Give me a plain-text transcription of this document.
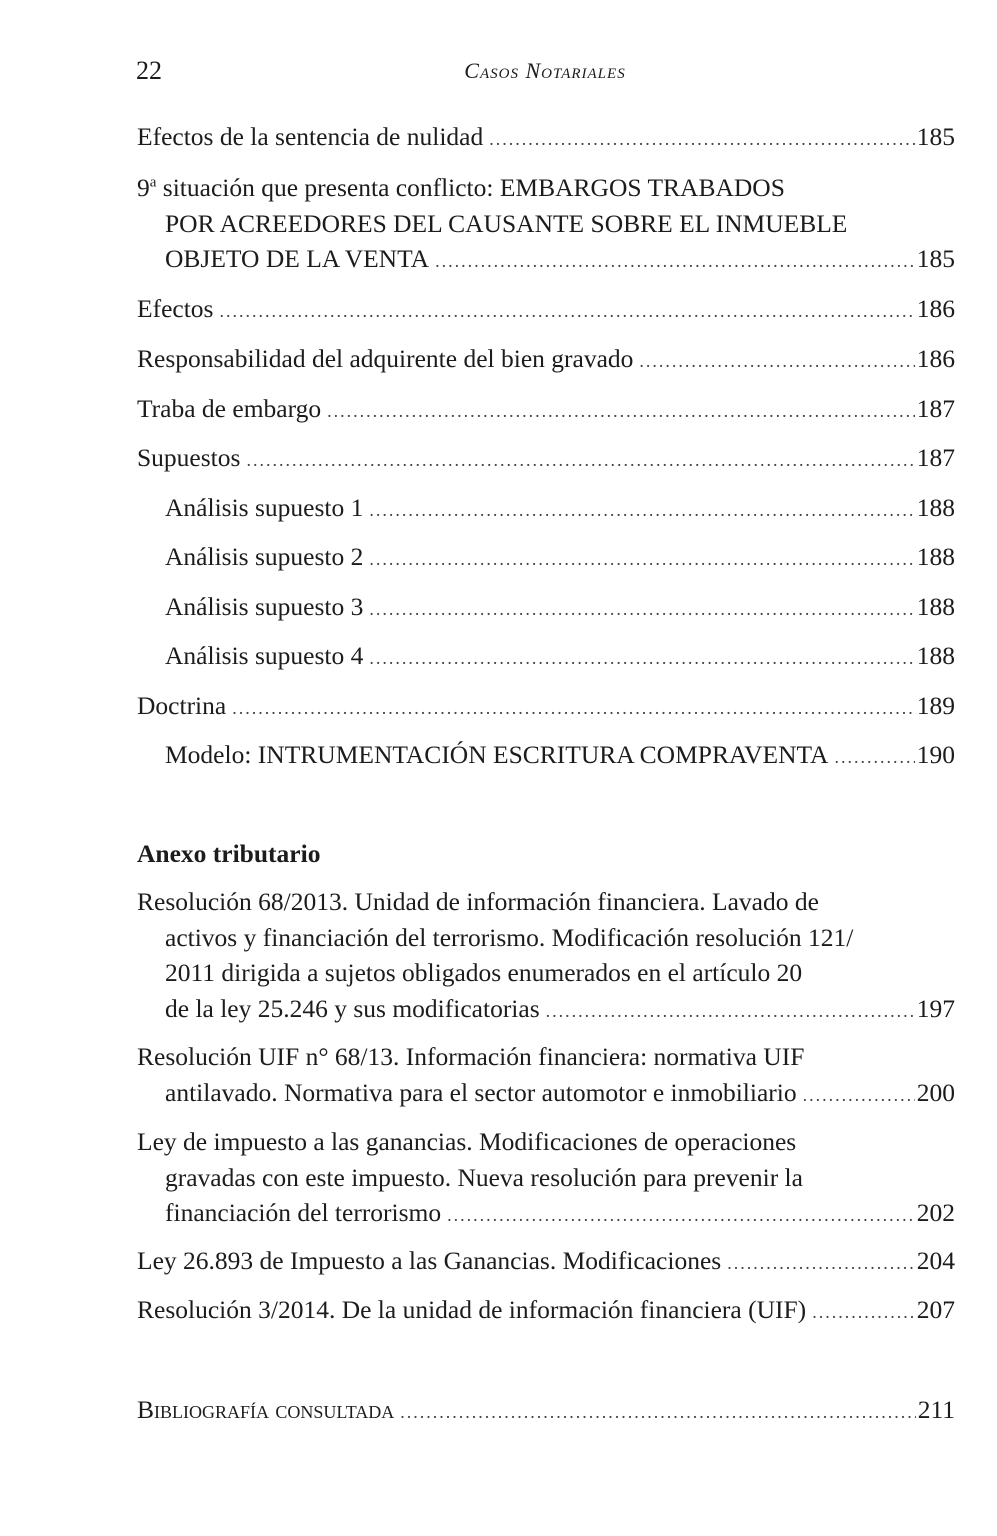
22	Casos Notariales
Efectos de la sentencia de nulidad .....	185
9$^a$ situación que presenta conflicto: EMBARGOS TRABADOS
POR ACREEDORES DEL CAUSANTE SOBRE EL INMUEBLE
OBJETO DE LA VENTA .....	185
Efectos .....	186
Responsabilidad del adquirente del bien gravado .....	186
Traba de embargo .....	187
Supuestos .....	187
Análisis supuesto 1 .....	188
Análisis supuesto 2 .....	188
Análisis supuesto 3 .....	188
Análisis supuesto 4 .....	188
Doctrina .....	189
Modelo: INTRUMENTACIÓN ESCRITURA COMPRAVENTA .....	190
Anexo tributario
Resolución 68/2013. Unidad de información financiera. Lavado de
activos y financiación del terrorismo. Modificación resolución 121/
2011 dirigida a sujetos obligados enumerados en el artículo 20
de la ley 25.246 y sus modificatorias .....	197
Resolución UIF n° 68/13. Información financiera: normativa UIF
antilavado. Normativa para el sector automotor e inmobiliario .....	200
Ley de impuesto a las ganancias. Modificaciones de operaciones
gravadas con este impuesto. Nueva resolución para prevenir la
financiación del terrorismo .....	202
Ley 26.893 de Impuesto a las Ganancias. Modificaciones .....	204
Resolución 3/2014. De la unidad de información financiera (UIF) .....	207
Bibliografía consultada .....	211
